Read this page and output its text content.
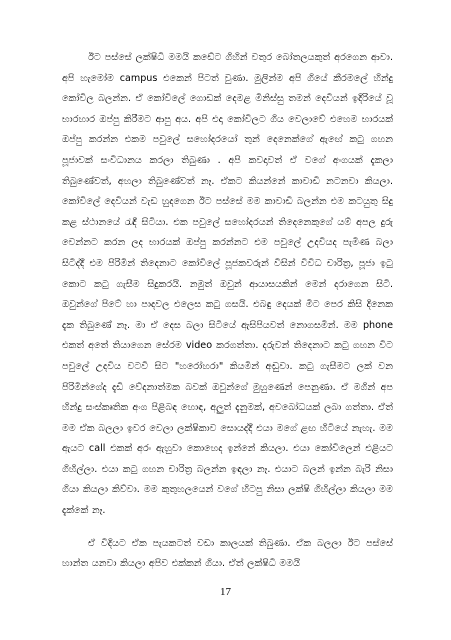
ඊට පස්සේ ලක්ෂිධි මමයි කඩේට ගිහින් වතුර බෝතලයකුත් අරගෙන ආවා. අපි හැමෝම campus එකෙන් පිටත් වුණා. මුලින්ම අපි ගියේ කීරමලේ හින්දු කෝවිල බලන්න. ඒ කෝවිලේ ගොඩක් දෙමළ මිනිස්සු තමන් දෙවියන් ඉදිරියේ වූ භාරහාර ඔප්පු කිරීමට ආපු අය. අපි එදා කෝවිලට ගිය වෙලාවේ එහෙම භාරයක් ඔප්පු කරන්න එකම පවුලේ සහෝදරයෝ තුන් දෙනෙක්ගේ ඇඟේ කටු ගහන පූජාවක් සංවිධානය කරලා තිබුණා . අපි කවදාවත් ඒ වගේ අංගයක් දැකලා තිබුණේවත්, අහලා තිබුණේවත් නෑ. ඒකට කියන්නේ කාවාඩි නටනවා කියලා. කෝවිලේ දෙවියන් වැඩ හුදගෙන ඊට පස්සේ මම කාවාඩි බලන්න එම කටයුතු සිදු කළ ස්ථානයේ රැඳී සිටියා. එක පවුලේ සහෝදරයන් තිදෙනෙකුගේ යම් අපල දුරු වෙන්නට කරන ලද භාරයක් ඔප්පු කරන්නට එම පවුලේ උදවියද පැමිණ බලා සිටිද්දී එම පිරිමින් තිදෙනාට කෝවිලේ පූජකවරුන් විසින් විවිධ චාරිත්‍ර, පූජා ඉටු කොට කටු ගැසීම සිදුකරයි. නමුත් ඔවුන් ආයාසයකින් මෙන් දරාගෙන සිටී. ඔවුන්ගේ පිටේ හා පාදවල එලෙස කටු ගසයි. එබඳු දෙයක් මීට පෙර කිසි දිනෙක දැක තිබුණේ නෑ. මා ඒ දෙස බලා සිටියේ ඇසිපියවත් නොගසමින්. මම phone එකත් අතේ තියාගෙන සේරම video කරගත්තා. දරුවන් තිදෙනාට කටු ගහන විට පවුලේ උදවිය වටවී සිට "හරෝහරා" කියමින් අඬුවා. කටු ගැසීමට ලක් වන පිරිමින්ගේද දැඩි වේදනාත්මක බවක් ඔවුන්ගේ මුහුණෙන් පෙනුණා. ඒ මගින් අප හින්දු සංස්කෘතික අංග පිළිබඳ හොඳ, අලුත් දැනුමක්, අවබෝධයක් ලබා ගත්තා. ඒත් මම ඒක බලලා ඉවර වෙලා ලක්ෂිකාව සොයද්දී එයා මගේ ළඟ හිටියේ නැහැ. මම ඇයට call එකක් අරං ඇහුවා කොහෙද ඉන්නේ කියලා. එයා කෝවිලෙන් එළියට ගිහිල්ලා. එයා කටු ගහන චාරිත්‍ර බලන්න ඉඳලා නෑ. එයාට බලන් ඉන්න බැරි නිසා ගියා කියලා කිව්වා. මම කුතුහලයෙන් වගේ හිටපු නිසා ලක්ෂි ගිහිල්ලා කියලා මම දැක්කේ නෑ.

ඒ විදියට ඒක පැයකටත් වඩා කාලයක් තිබුණා. ඒක බලලා ඊට පස්සේ හාන්ත යනවා කියලා අපිව එක්කන් ගියා. ඒත් ලක්ෂිධි මමයි

17
